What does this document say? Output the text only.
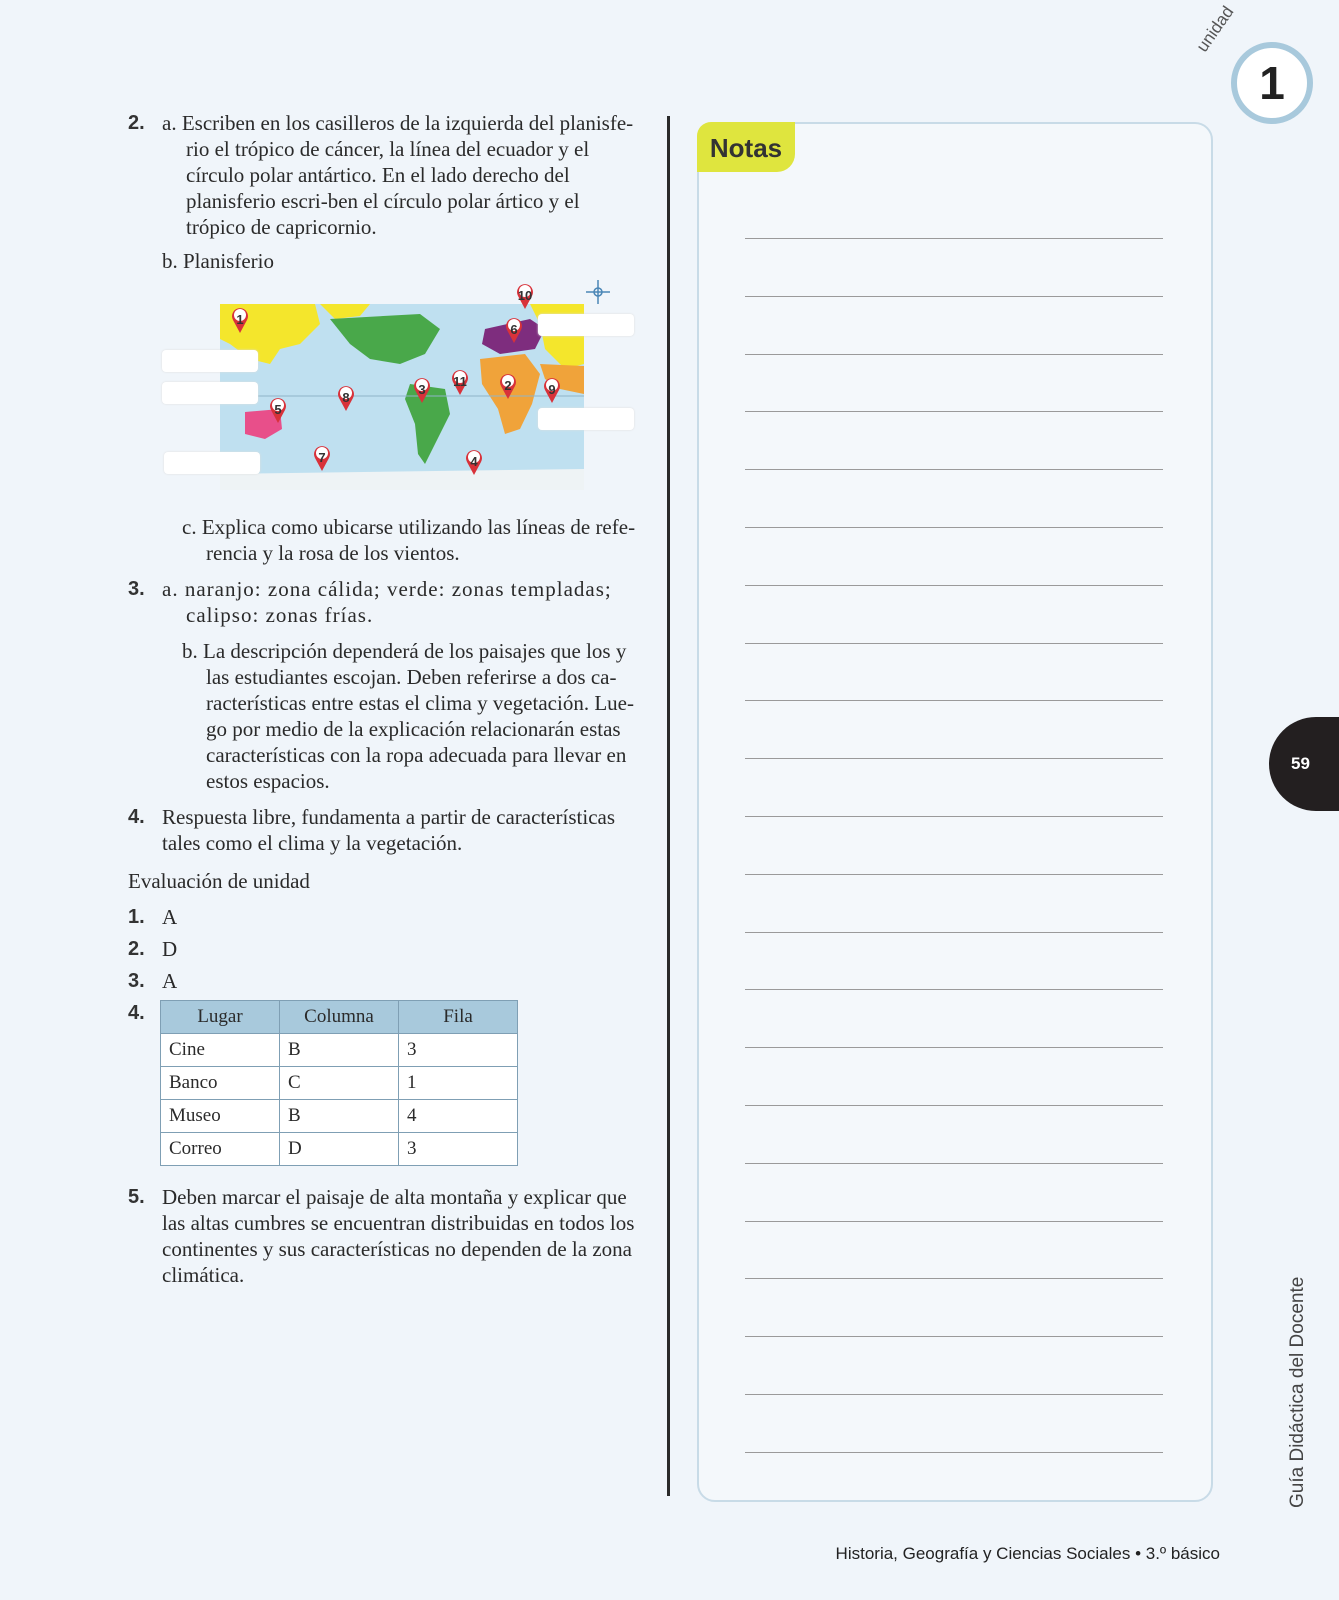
unidad
1
2. a. Escriben en los casilleros de la izquierda del planisfe-rio el trópico de cáncer, la línea del ecuador y el círculo polar antártico. En el lado derecho del planisferio escri-ben el círculo polar ártico y el trópico de capricornio.

b. Planisferio

1
2
3
4
5
6
7
8
9
10
11

c. Explica como ubicarse utilizando las líneas de refe-rencia y la rosa de los vientos.

3. a. naranjo: zona cálida; verde: zonas templadas; calipso: zonas frías.

b. La descripción dependerá de los paisajes que los y las estudiantes escojan. Deben referirse a dos ca-racterísticas entre estas el clima y vegetación. Lue-go por medio de la explicación relacionarán estas características con la ropa adecuada para llevar en estos espacios.

4. Respuesta libre, fundamenta a partir de características tales como el clima y la vegetación.

Evaluación de unidad
1. A
2. D
3. A
4.	Lugar	Columna	Fila
Cine	B	3
Banco	C	1
Museo	B	4
Correo	D	3
5. Deben marcar el paisaje de alta montaña y explicar que las altas cumbres se encuentran distribuidas en todos los continentes y sus características no dependen de la zona climática.

Notas
59
Guía Didáctica del Docente
Historia, Geografía y Ciencias Sociales • 3.º básico
